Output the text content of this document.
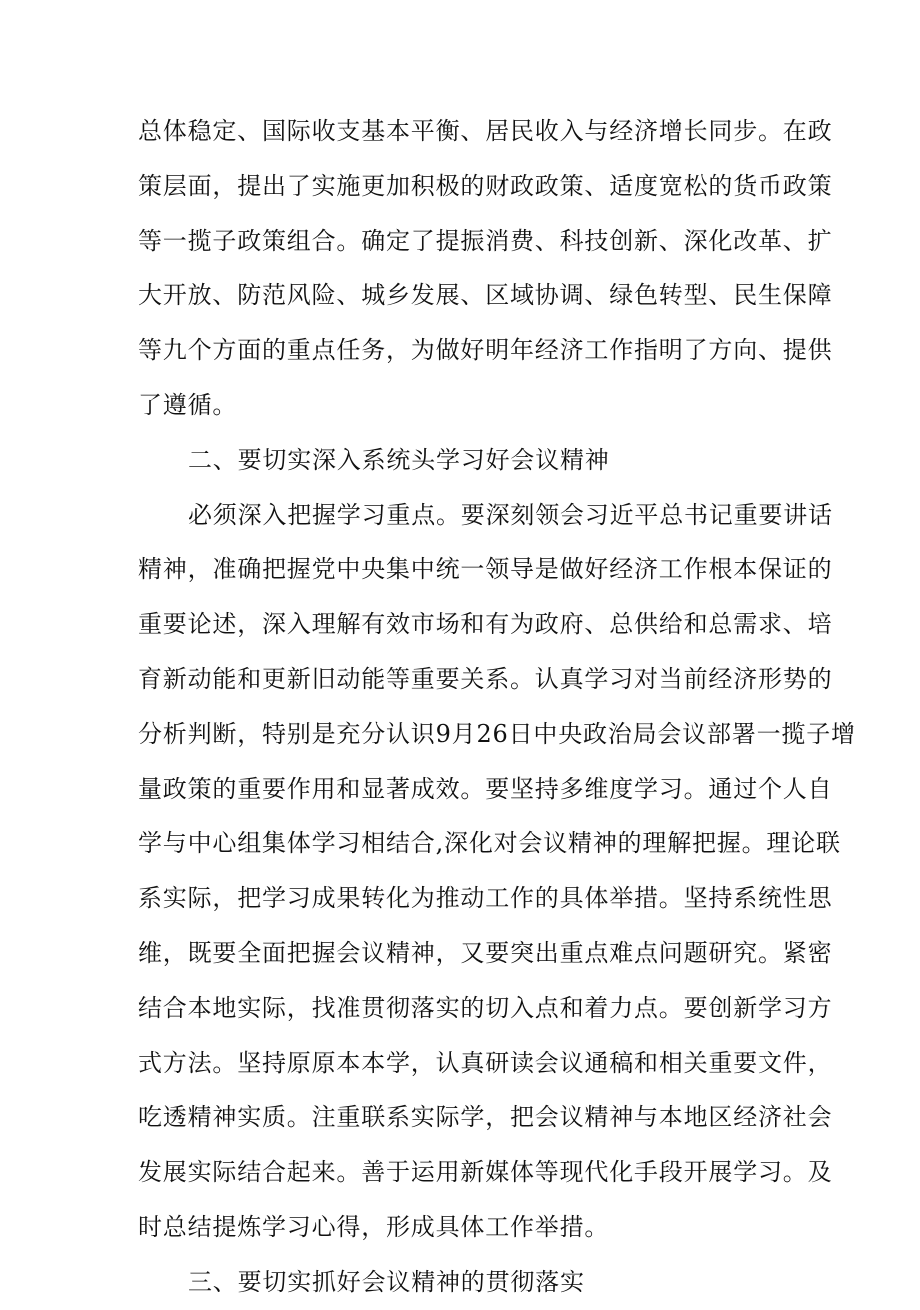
总体稳定、国际收支基本平衡、居民收入与经济增长同步。在政
策层面，提出了实施更加积极的财政政策、适度宽松的货币政策
等一揽子政策组合。确定了提振消费、科技创新、深化改革、扩
大开放、防范风险、城乡发展、区域协调、绿色转型、民生保障
等九个方面的重点任务，为做好明年经济工作指明了方向、提供
了遵循。
二、要切实深入系统头学习好会议精神
必须深入把握学习重点。要深刻领会习近平总书记重要讲话
精神，准确把握党中央集中统一领导是做好经济工作根本保证的
重要论述，深入理解有效市场和有为政府、总供给和总需求、培
育新动能和更新旧动能等重要关系。认真学习对当前经济形势的
分析判断，特别是充分认识9月26日中央政治局会议部署一揽子增
量政策的重要作用和显著成效。要坚持多维度学习。通过个人自
学与中心组集体学习相结合,深化对会议精神的理解把握。理论联
系实际，把学习成果转化为推动工作的具体举措。坚持系统性思
维，既要全面把握会议精神，又要突出重点难点问题研究。紧密
结合本地实际，找准贯彻落实的切入点和着力点。要创新学习方
式方法。坚持原原本本学，认真研读会议通稿和相关重要文件，
吃透精神实质。注重联系实际学，把会议精神与本地区经济社会
发展实际结合起来。善于运用新媒体等现代化手段开展学习。及
时总结提炼学习心得，形成具体工作举措。
三、要切实抓好会议精神的贯彻落实
